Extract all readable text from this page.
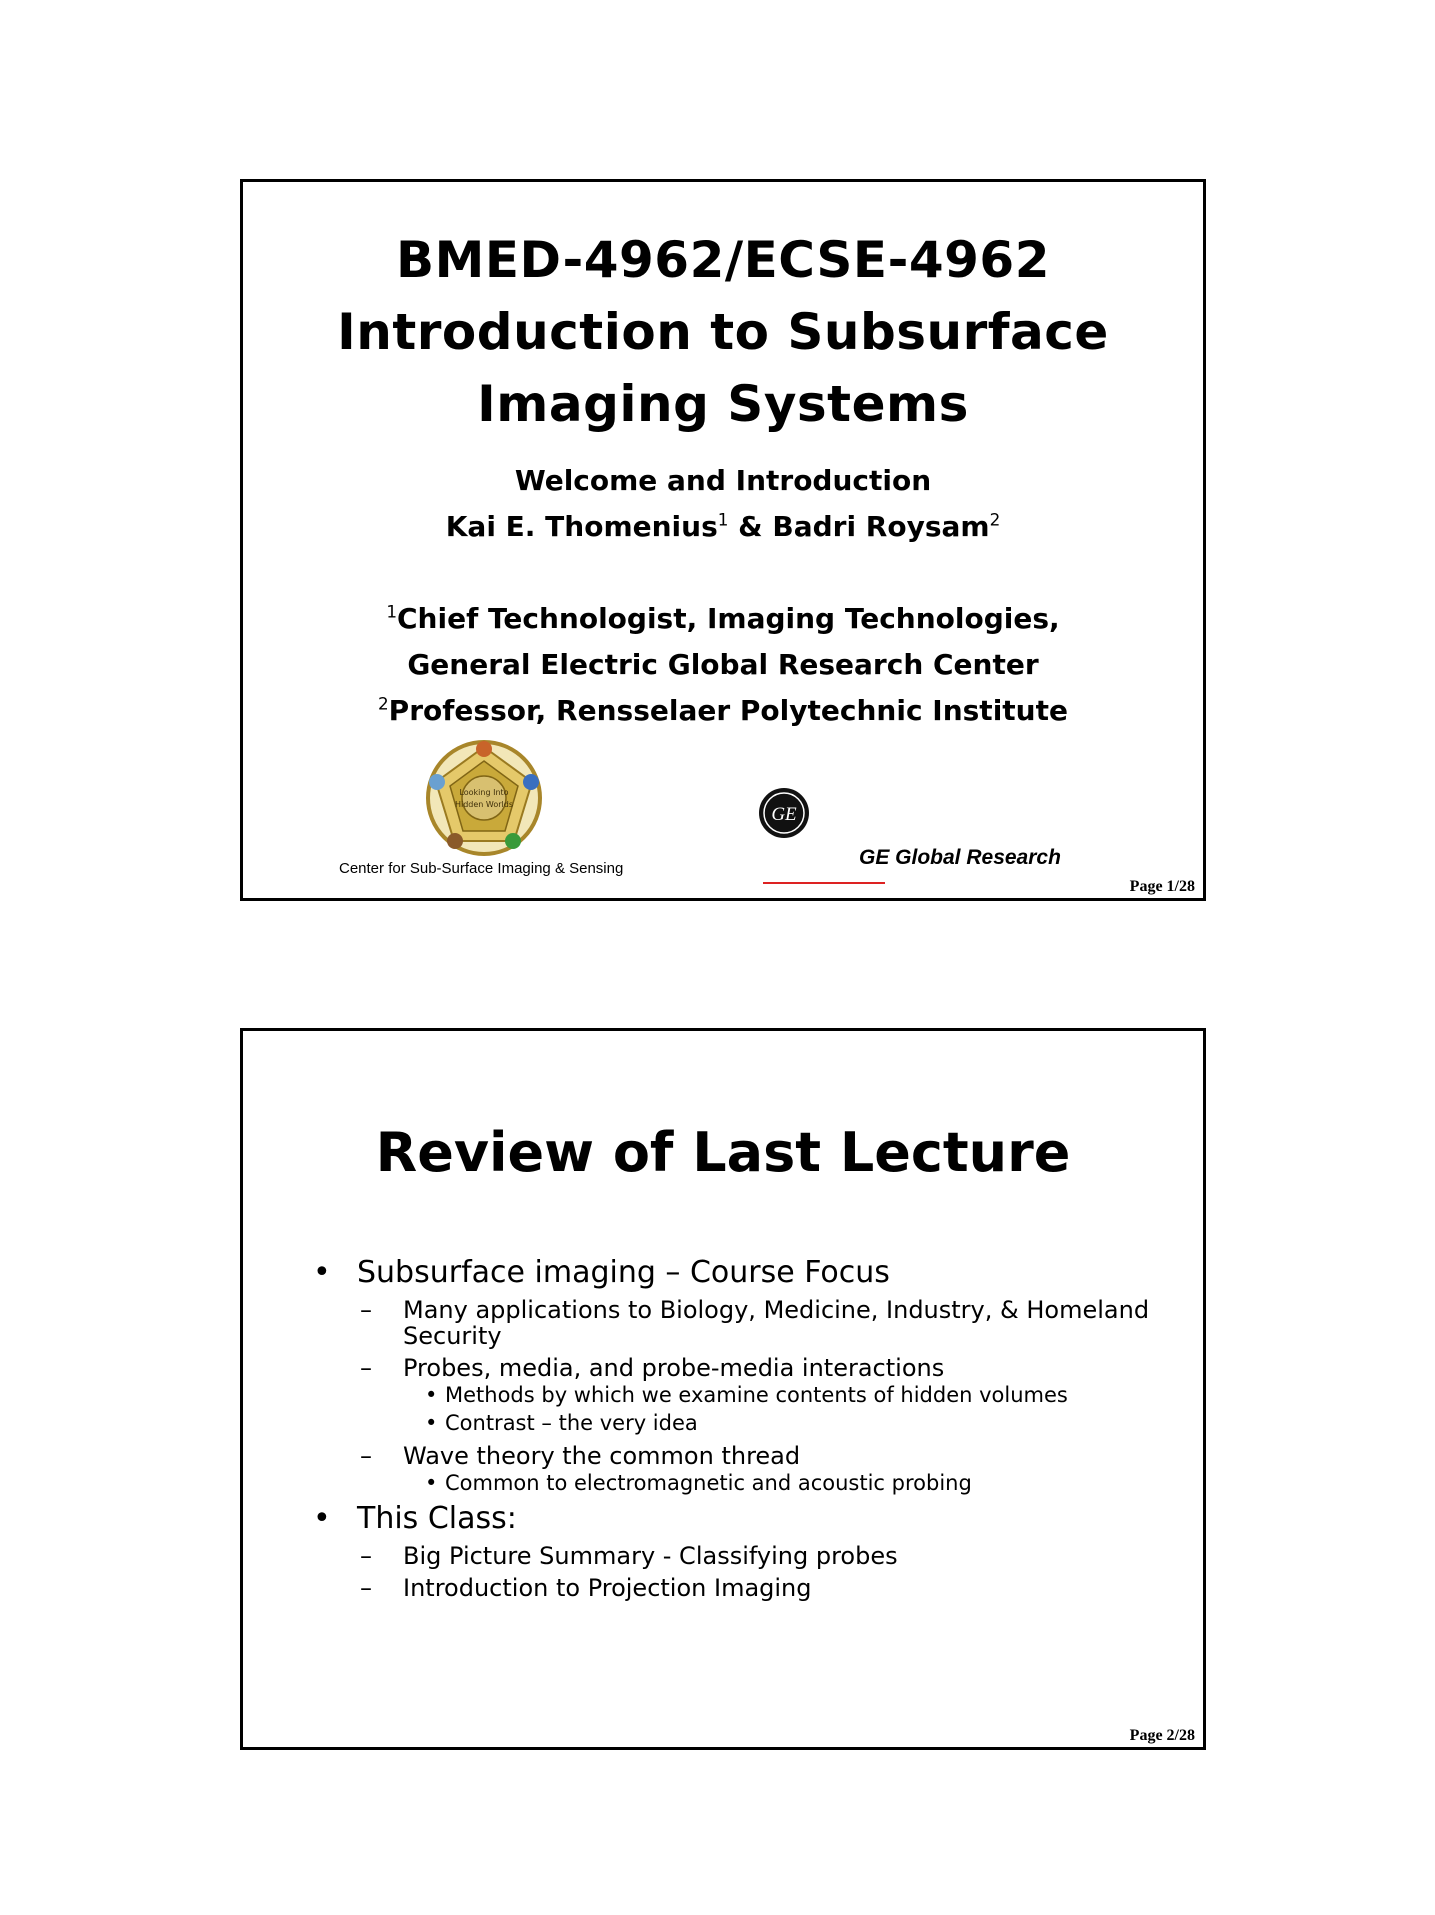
BMED-4962/ECSE-4962
Introduction to Subsurface
Imaging Systems
Welcome and Introduction
Kai E. Thomenius$^1$ & Badri Roysam$^2$
$^1$Chief Technologist, Imaging Technologies,
General Electric Global Research Center
$^2$Professor, Rensselaer Polytechnic Institute
Looking Into
Hidden Worlds
Center for Sub-Surface Imaging & Sensing
GE
GE Global Research
Page 1/28
Review of Last Lecture
• Subsurface imaging – Course Focus
– Many applications to Biology, Medicine, Industry, & Homeland Security
– Probes, media, and probe-media interactions
• Methods by which we examine contents of hidden volumes
• Contrast – the very idea
– Wave theory the common thread
• Common to electromagnetic and acoustic probing
• This Class:
– Big Picture Summary - Classifying probes
– Introduction to Projection Imaging
Page 2/28
